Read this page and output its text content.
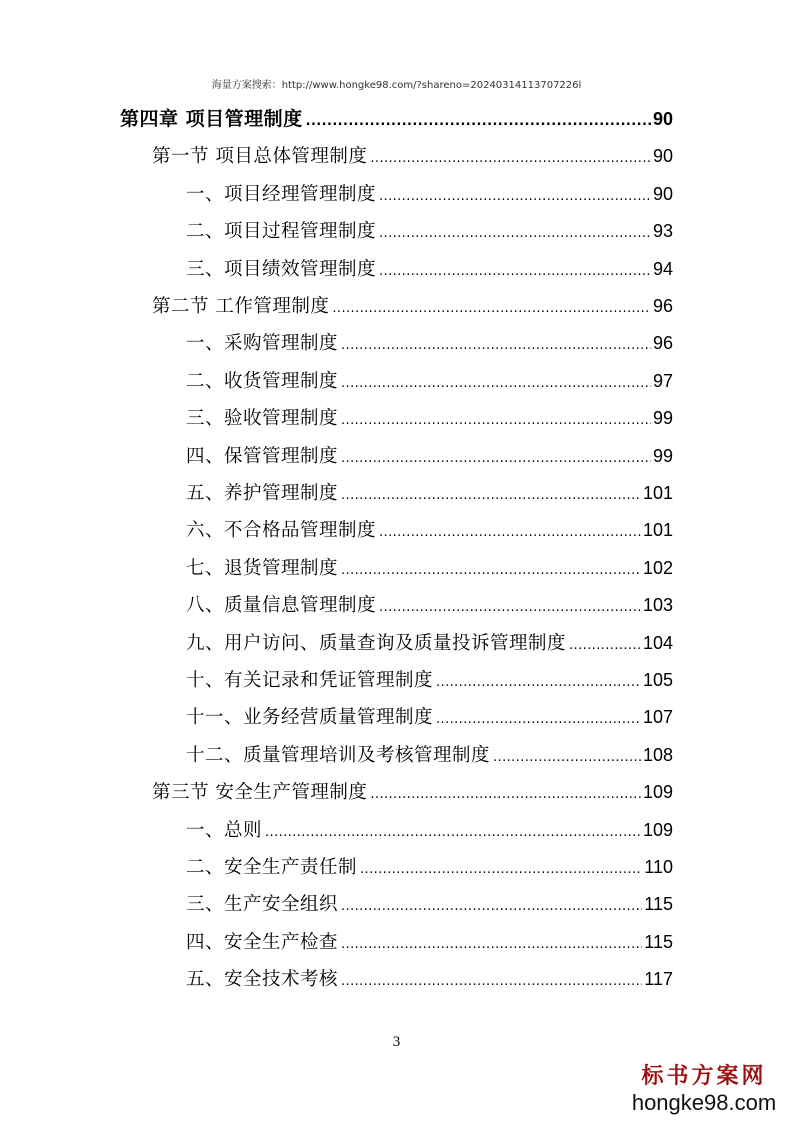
海量方案搜索：http://www.hongke98.com/?shareno=20240314113707226l
第四章 项目管理制度 .....	90
第一节 项目总体管理制度 .....	90
一、项目经理管理制度 .....	90
二、项目过程管理制度 .....	93
三、项目绩效管理制度 .....	94
第二节 工作管理制度 .....	96
一、采购管理制度 .....	96
二、收货管理制度 .....	97
三、验收管理制度 .....	99
四、保管管理制度 .....	99
五、养护管理制度 .....	101
六、不合格品管理制度 .....	101
七、退货管理制度 .....	102
八、质量信息管理制度 .....	103
九、用户访问、质量查询及质量投诉管理制度 .....	104
十、有关记录和凭证管理制度 .....	105
十一、业务经营质量管理制度 .....	107
十二、质量管理培训及考核管理制度 .....	108
第三节 安全生产管理制度 .....	109
一、总则 .....	109
二、安全生产责任制 .....	110
三、生产安全组织 .....	115
四、安全生产检查 .....	115
五、安全技术考核 .....	117
3
标书方案网
hongke98.com
